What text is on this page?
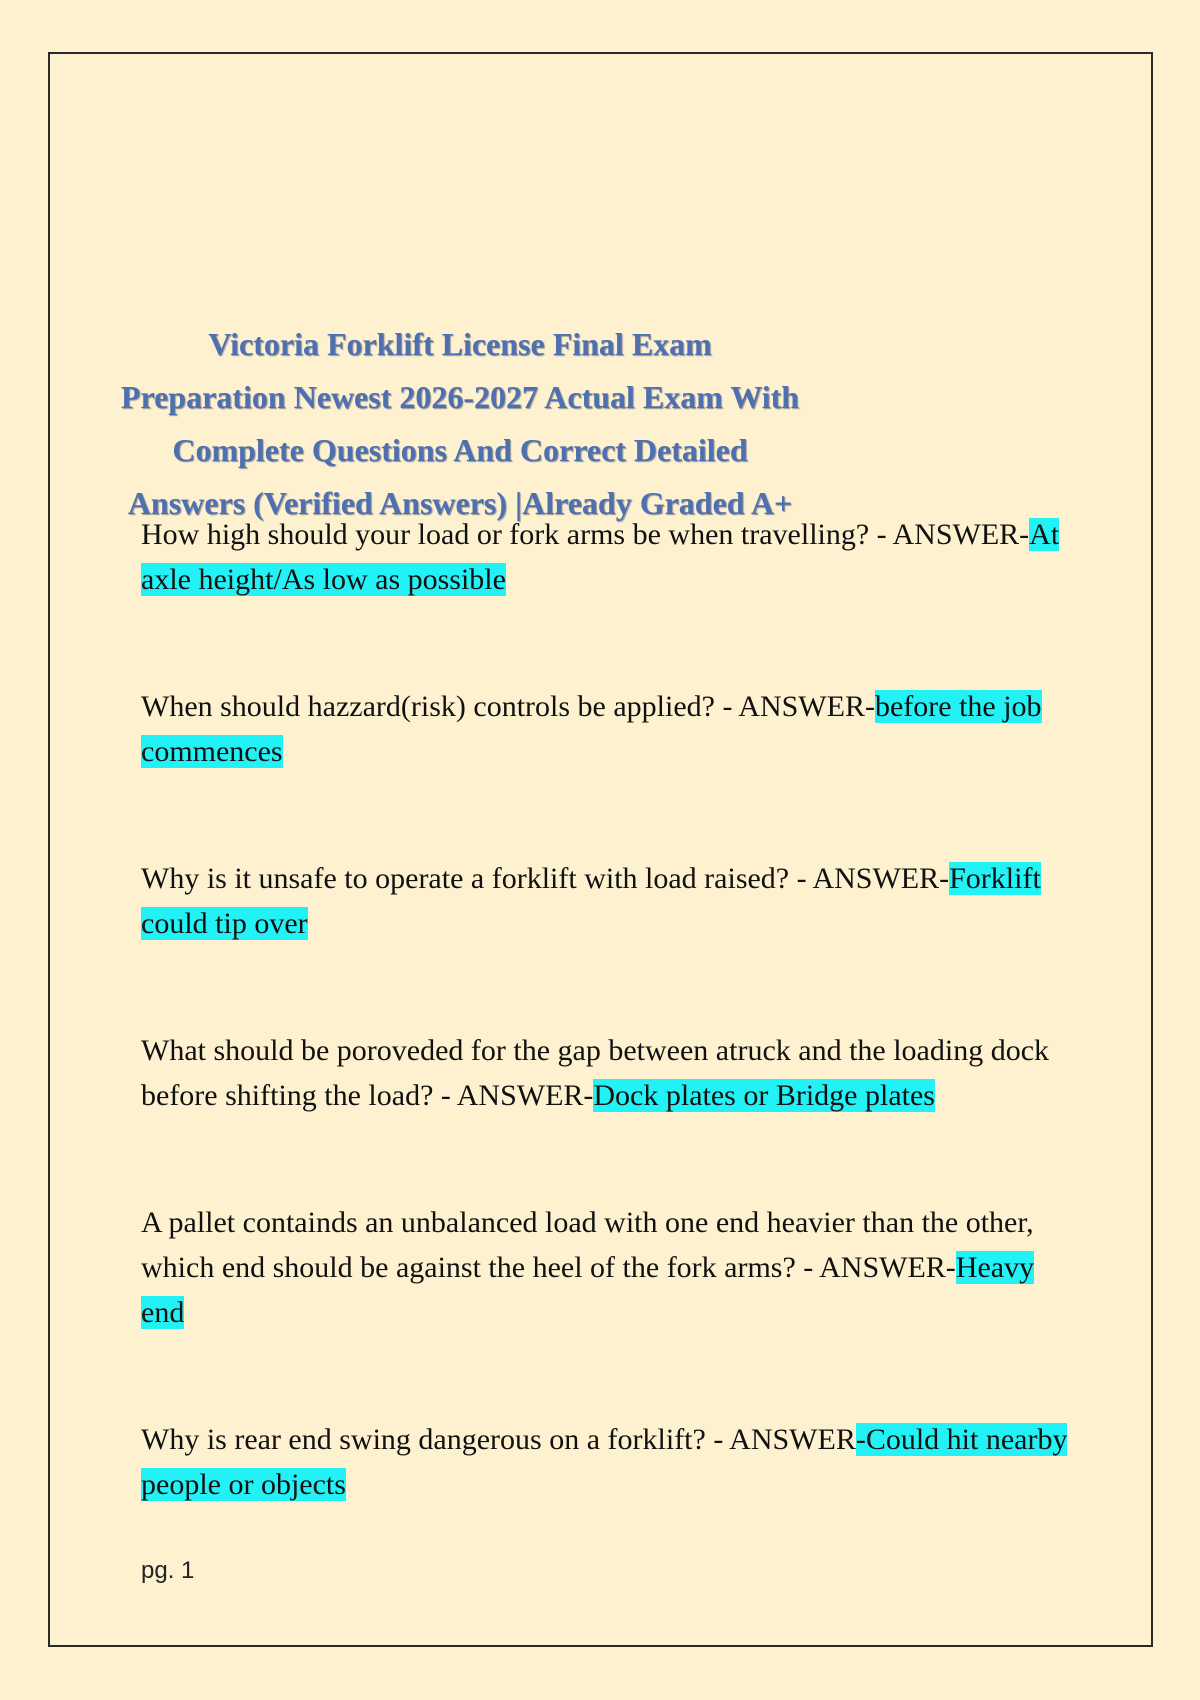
Victoria Forklift License Final Exam
Preparation Newest 2026-2027 Actual Exam With
Complete Questions And Correct Detailed
Answers (Verified Answers) |Already Graded A+

How high should your load or fork arms be when travelling? - ANSWER-At axle height/As low as possible

When should hazzard(risk) controls be applied? - ANSWER-before the job commences

Why is it unsafe to operate a forklift with load raised? - ANSWER-Forklift could tip over

What should be poroveded for the gap between atruck and the loading dock before shifting the load? - ANSWER-Dock plates or Bridge plates

A pallet containds an unbalanced load with one end heavier than the other, which end should be against the heel of the fork arms? - ANSWER-Heavy end

Why is rear end swing dangerous on a forklift? - ANSWER-Could hit nearby people or objects

pg. 1
